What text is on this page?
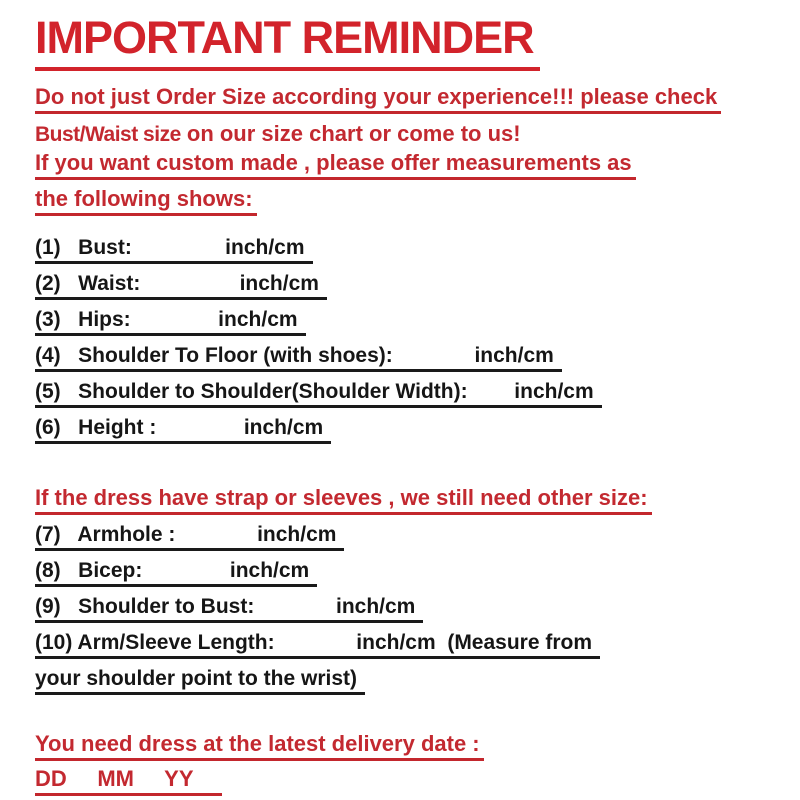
IMPORTANT REMINDER
Do not just Order Size according your experience!!! please check
Bust/Waist size on our size chart or come to us!
If you want custom made , please offer measurements as
the following shows:
(1)   Bust:                inch/cm
(2)   Waist:                 inch/cm
(3)   Hips:               inch/cm
(4)   Shoulder To Floor (with shoes):              inch/cm
(5)   Shoulder to Shoulder(Shoulder Width):        inch/cm
(6)   Height :               inch/cm
If the dress have strap or sleeves , we still need other size:
(7)   Armhole :              inch/cm
(8)   Bicep:               inch/cm
(9)   Shoulder to Bust:              inch/cm
(10) Arm/Sleeve Length:              inch/cm  (Measure from
your shoulder point to the wrist)
You need dress at the latest delivery date :
DD     MM     YY
